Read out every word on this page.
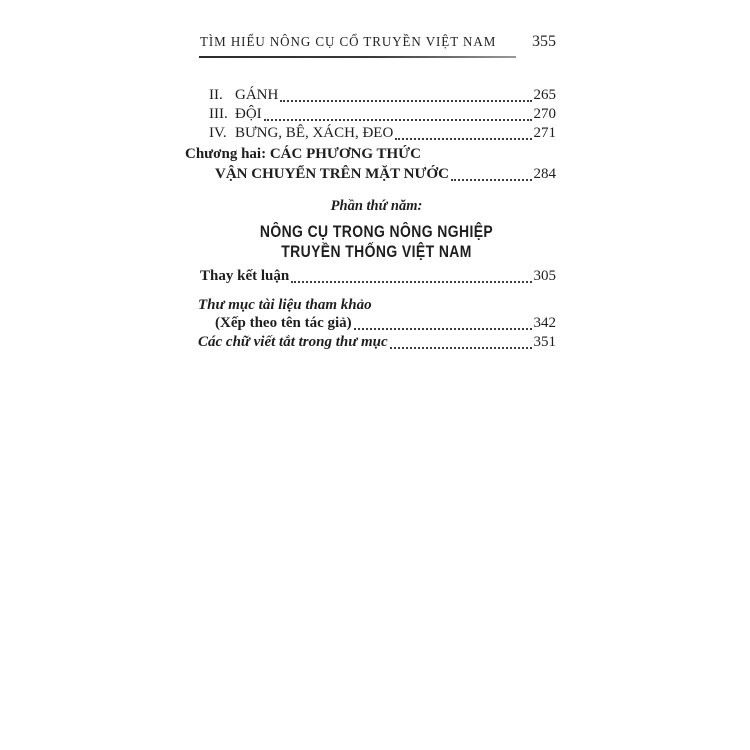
TÌM HIỂU NÔNG CỤ CỔ TRUYỀN VIỆT NAM 355
II. GÁNH	265
III. ĐỘI	270
IV. BƯNG, BÊ, XÁCH, ĐEO	271
Chương hai: CÁC PHƯƠNG THỨC
VẬN CHUYỂN TRÊN MẶT NƯỚC	284
Phần thứ năm:
NÔNG CỤ TRONG NÔNG NGHIỆP
TRUYỀN THỐNG VIỆT NAM
Thay kết luận	305
Thư mục tài liệu tham khảo
(Xếp theo tên tác giả)	342
Các chữ viết tắt trong thư mục	351
